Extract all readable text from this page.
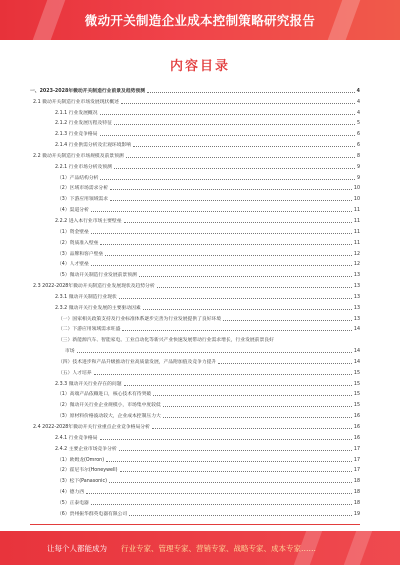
微动开关制造企业成本控制策略研究报告
内容目录
一、2023-2028年微动开关制造行业前景及趋势预测	4
2.1 微动开关制造行业市场发展现状概述	4
2.1.1 行业发展概况	4
2.1.2 行业发展历程及特征	5
2.1.3 行业竞争格局	6
2.1.4 行业供需分析及宏观环境影响	6
2.2 微动开关制造行业市场规模及前景预测	8
2.2.1 行业市场分析及预测	9
（1）产品结构分析	9
（2）区域市场需求分析	10
（3）下游应用领域需求	10
（4）渠道分析	11
2.2.2 进入本行业市场主要壁垒	11
（1）资金壁垒	11
（2）资质准入壁垒	11
（3）品牌和客户壁垒	12
（4）人才壁垒	12
（5）微动开关制造行业发展前景预测	13
2.3 2022-2028年微动开关制造行业发展现状及趋势分析	13
2.3.1 微动开关制造行业现状	13
2.3.2 微动开关行业发展的主要驱动因素	13
（一）国家相关政策支持及行业标准体系逐步完善为行业发展提供了良好环境	13
（二）下游应用领域需求旺盛	14
（三）新能源汽车、智能家电、工业自动化等新兴产业快速发展带动行业需求增长，行业发展前景良好
市场	14
（四）技术进步和产品升级推动行业高质量发展，产品附加值及竞争力提升	14
（五）人才培养	15
2.3.3 微动开关行业存在的问题	15
（1）高端产品依赖进口，核心技术有待突破	15
（2）微动开关行业企业规模小，市场集中度较低	15
（3）原材料价格波动较大，企业成本控制压力大	16
2.4 2022-2028年微动开关行业重点企业竞争格局分析	16
2.4.1 行业竞争格局	16
2.4.2 主要企业市场竞争分析	17
（1）欧姆龙(Omron)	17
（2）霍尼韦尔(Honeywell)	17
（3）松下(Panasonic)	18
（4）德力西	18
（5）正泰电器	18
（6）贵州振华群英电器有限公司	19
让每个人都能成为 行业专家、管理专家、营销专家、战略专家、成本专家……
